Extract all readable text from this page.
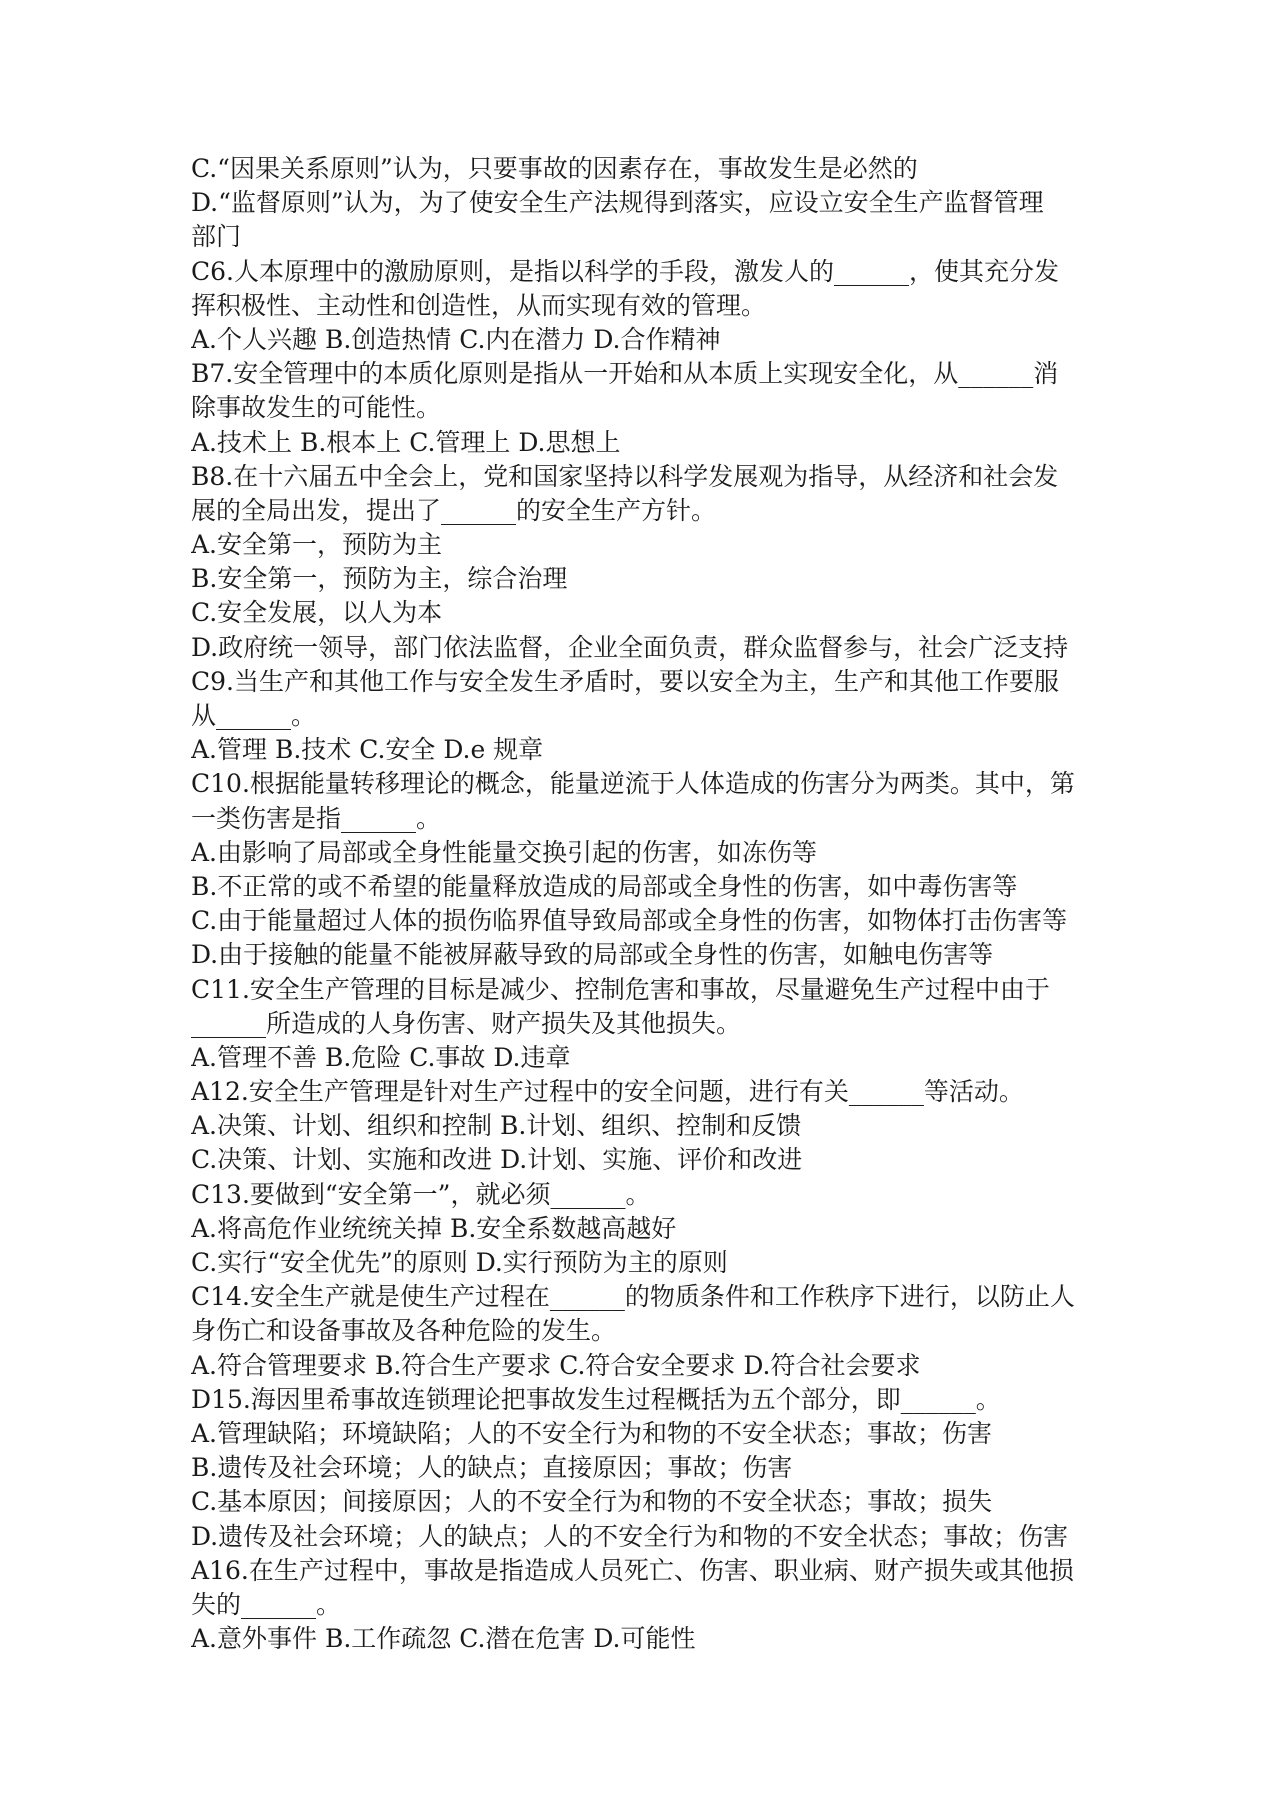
C.“因果关系原则”认为，只要事故的因素存在，事故发生是必然的
D.“监督原则”认为，为了使安全生产法规得到落实，应设立安全生产监督管理
部门
C6.人本原理中的激励原则，是指以科学的手段，激发人的______，使其充分发
挥积极性、主动性和创造性，从而实现有效的管理。
A.个人兴趣 B.创造热情 C.内在潜力 D.合作精神
B7.安全管理中的本质化原则是指从一开始和从本质上实现安全化，从______消
除事故发生的可能性。
A.技术上 B.根本上 C.管理上 D.思想上
B8.在十六届五中全会上，党和国家坚持以科学发展观为指导，从经济和社会发
展的全局出发，提出了______的安全生产方针。
A.安全第一，预防为主
B.安全第一，预防为主，综合治理
C.安全发展，以人为本
D.政府统一领导，部门依法监督，企业全面负责，群众监督参与，社会广泛支持
C9.当生产和其他工作与安全发生矛盾时，要以安全为主，生产和其他工作要服
从______。
A.管理 B.技术 C.安全 D.e 规章
C10.根据能量转移理论的概念，能量逆流于人体造成的伤害分为两类。其中，第
一类伤害是指______。
A.由影响了局部或全身性能量交换引起的伤害，如冻伤等
B.不正常的或不希望的能量释放造成的局部或全身性的伤害，如中毒伤害等
C.由于能量超过人体的损伤临界值导致局部或全身性的伤害，如物体打击伤害等
D.由于接触的能量不能被屏蔽导致的局部或全身性的伤害，如触电伤害等
C11.安全生产管理的目标是减少、控制危害和事故，尽量避免生产过程中由于
______所造成的人身伤害、财产损失及其他损失。
A.管理不善 B.危险 C.事故 D.违章
A12.安全生产管理是针对生产过程中的安全问题，进行有关______等活动。
A.决策、计划、组织和控制 B.计划、组织、控制和反馈
C.决策、计划、实施和改进 D.计划、实施、评价和改进
C13.要做到“安全第一”，就必须______。
A.将高危作业统统关掉 B.安全系数越高越好
C.实行“安全优先”的原则 D.实行预防为主的原则
C14.安全生产就是使生产过程在______的物质条件和工作秩序下进行，以防止人
身伤亡和设备事故及各种危险的发生。
A.符合管理要求 B.符合生产要求 C.符合安全要求 D.符合社会要求
D15.海因里希事故连锁理论把事故发生过程概括为五个部分，即______。
A.管理缺陷；环境缺陷；人的不安全行为和物的不安全状态；事故；伤害
B.遗传及社会环境；人的缺点；直接原因；事故；伤害
C.基本原因；间接原因；人的不安全行为和物的不安全状态；事故；损失
D.遗传及社会环境；人的缺点；人的不安全行为和物的不安全状态；事故；伤害
A16.在生产过程中，事故是指造成人员死亡、伤害、职业病、财产损失或其他损
失的______。
A.意外事件 B.工作疏忽 C.潜在危害 D.可能性
